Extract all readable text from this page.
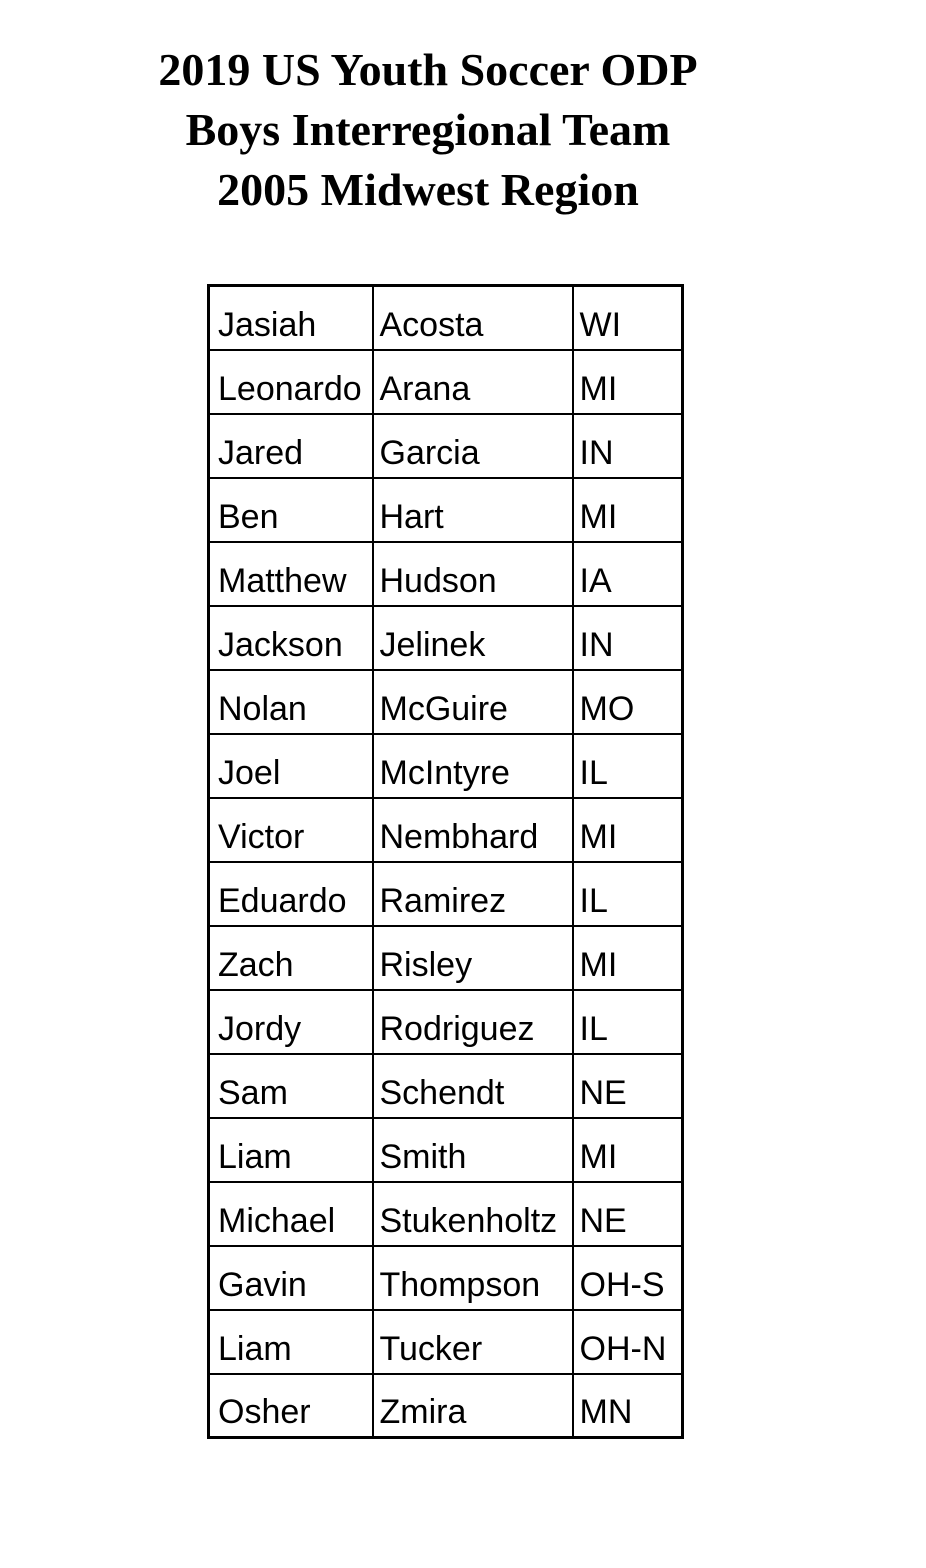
2019 US Youth Soccer ODP
Boys Interregional Team
2005 Midwest Region
Jasiah	Acosta	WI
Leonardo	Arana	MI
Jared	Garcia	IN
Ben	Hart	MI
Matthew	Hudson	IA
Jackson	Jelinek	IN
Nolan	McGuire	MO
Joel	McIntyre	IL
Victor	Nembhard	MI
Eduardo	Ramirez	IL
Zach	Risley	MI
Jordy	Rodriguez	IL
Sam	Schendt	NE
Liam	Smith	MI
Michael	Stukenholtz	NE
Gavin	Thompson	OH-S
Liam	Tucker	OH-N
Osher	Zmira	MN
